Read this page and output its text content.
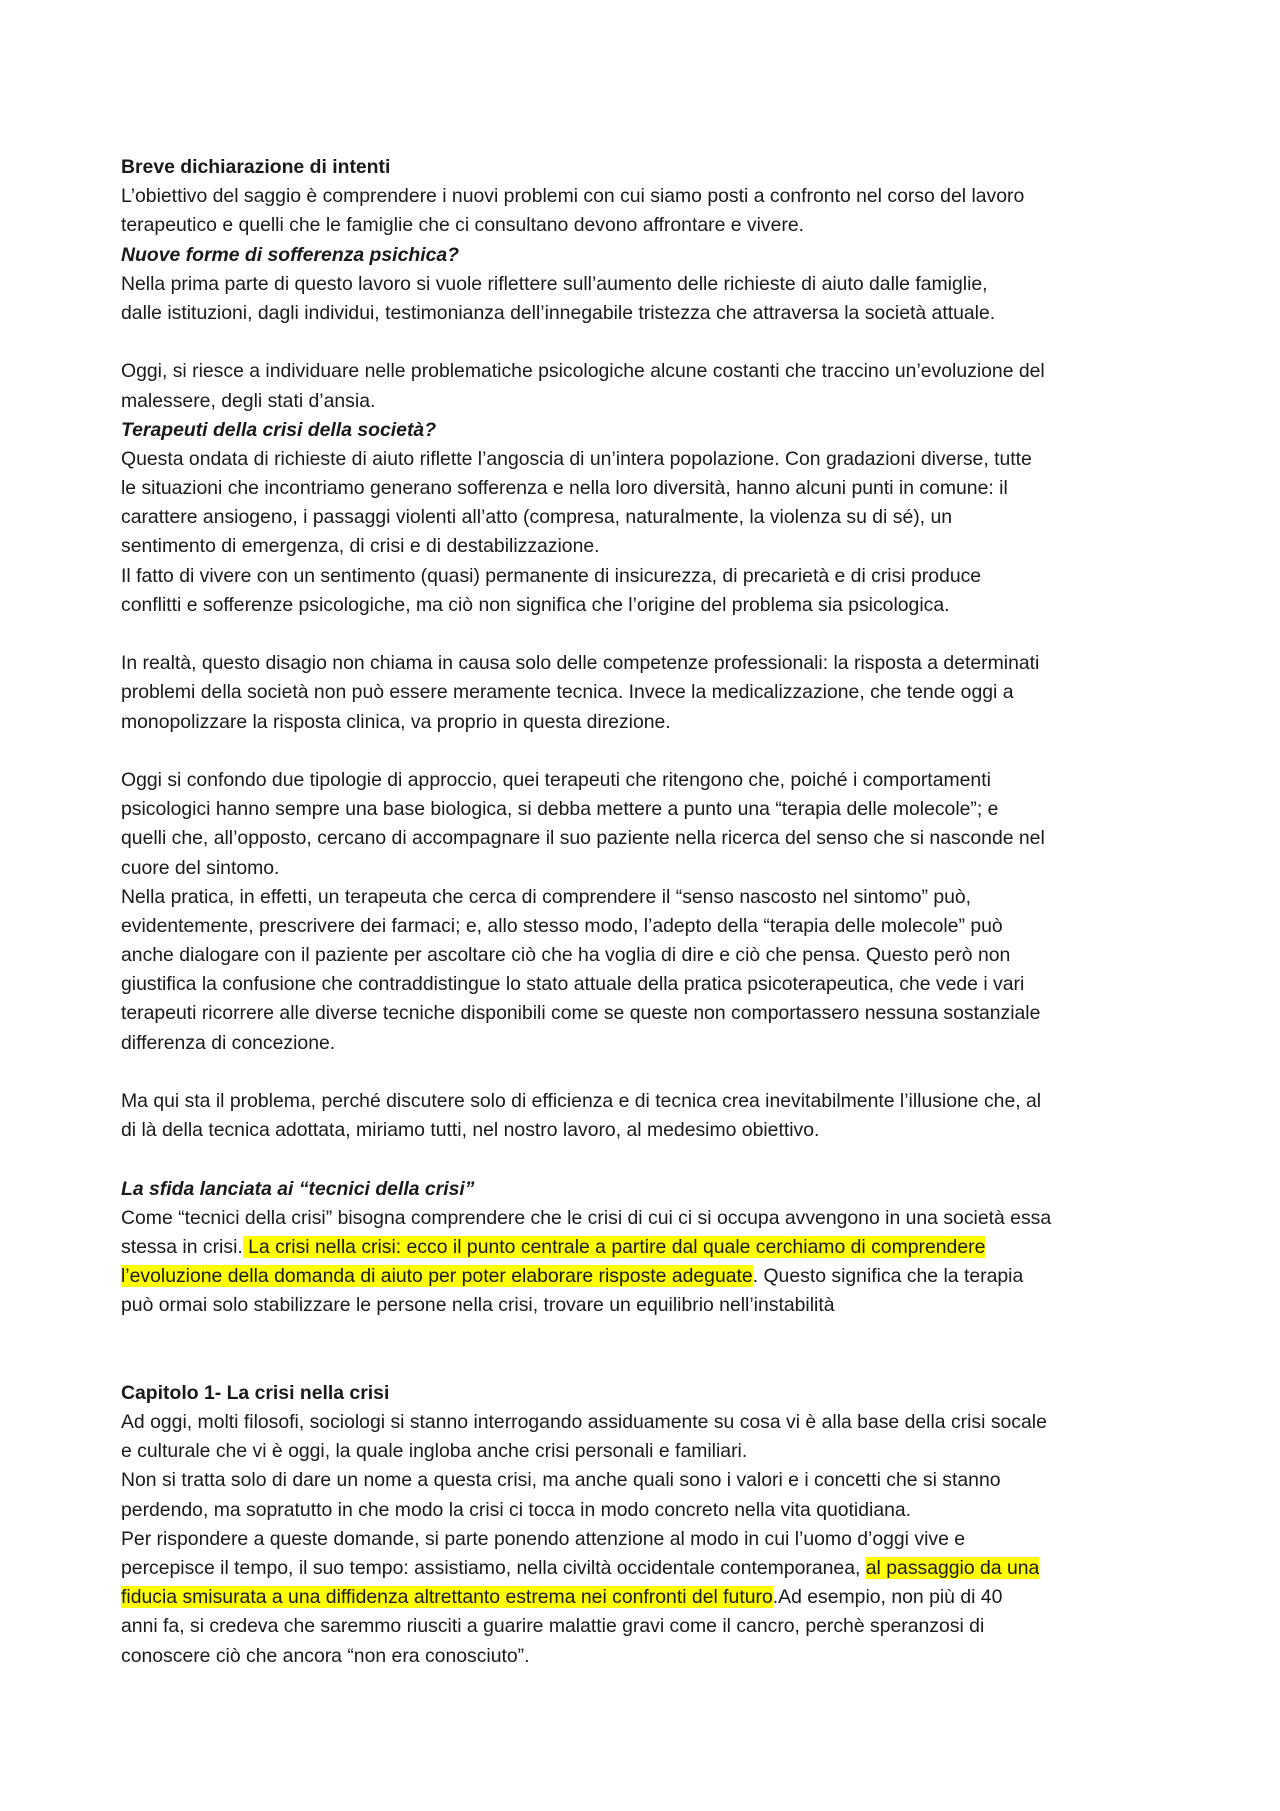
Breve dichiarazione di intenti
L’obiettivo del saggio è comprendere i nuovi problemi con cui siamo posti a confronto nel corso del lavoro
terapeutico e quelli che le famiglie che ci consultano devono affrontare e vivere.
Nuove forme di sofferenza psichica?
Nella prima parte di questo lavoro si vuole riflettere sull’aumento delle richieste di aiuto dalle famiglie,
dalle istituzioni, dagli individui, testimonianza dell’innegabile tristezza che attraversa la società attuale.
Oggi, si riesce a individuare nelle problematiche psicologiche alcune costanti che traccino un’evoluzione del
malessere, degli stati d’ansia.
Terapeuti della crisi della società?
Questa ondata di richieste di aiuto riflette l’angoscia di un’intera popolazione. Con gradazioni diverse, tutte
le situazioni che incontriamo generano sofferenza e nella loro diversità, hanno alcuni punti in comune: il
carattere ansiogeno, i passaggi violenti all’atto (compresa, naturalmente, la violenza su di sé), un
sentimento di emergenza, di crisi e di destabilizzazione.
Il fatto di vivere con un sentimento (quasi) permanente di insicurezza, di precarietà e di crisi produce
conflitti e sofferenze psicologiche, ma ciò non significa che l’origine del problema sia psicologica.
In realtà, questo disagio non chiama in causa solo delle competenze professionali: la risposta a determinati
problemi della società non può essere meramente tecnica. Invece la medicalizzazione, che tende oggi a
monopolizzare la risposta clinica, va proprio in questa direzione.
Oggi si confondo due tipologie di approccio, quei terapeuti che ritengono che, poiché i comportamenti
psicologici hanno sempre una base biologica, si debba mettere a punto una “terapia delle molecole”; e
quelli che, all’opposto, cercano di accompagnare il suo paziente nella ricerca del senso che si nasconde nel
cuore del sintomo.
Nella pratica, in effetti, un terapeuta che cerca di comprendere il “senso nascosto nel sintomo” può,
evidentemente, prescrivere dei farmaci; e, allo stesso modo, l’adepto della “terapia delle molecole” può
anche dialogare con il paziente per ascoltare ciò che ha voglia di dire e ciò che pensa. Questo però non
giustifica la confusione che contraddistingue lo stato attuale della pratica psicoterapeutica, che vede i vari
terapeuti ricorrere alle diverse tecniche disponibili come se queste non comportassero nessuna sostanziale
differenza di concezione.
Ma qui sta il problema, perché discutere solo di efficienza e di tecnica crea inevitabilmente l’illusione che, al
di là della tecnica adottata, miriamo tutti, nel nostro lavoro, al medesimo obiettivo.
La sfida lanciata ai “tecnici della crisi”
Come “tecnici della crisi” bisogna comprendere che le crisi di cui ci si occupa avvengono in una società essa
stessa in crisi. La crisi nella crisi: ecco il punto centrale a partire dal quale cerchiamo di comprendere
l’evoluzione della domanda di aiuto per poter elaborare risposte adeguate. Questo significa che la terapia
può ormai solo stabilizzare le persone nella crisi, trovare un equilibrio nell’instabilità
Capitolo 1- La crisi nella crisi
Ad oggi, molti filosofi, sociologi si stanno interrogando assiduamente su cosa vi è alla base della crisi socale
e culturale che vi è oggi, la quale ingloba anche crisi personali e familiari.
Non si tratta solo di dare un nome a questa crisi, ma anche quali sono i valori e i concetti che si stanno
perdendo, ma sopratutto in che modo la crisi ci tocca in modo concreto nella vita quotidiana.
Per rispondere a queste domande, si parte ponendo attenzione al modo in cui l’uomo d’oggi vive e
percepisce il tempo, il suo tempo: assistiamo, nella civiltà occidentale contemporanea, al passaggio da una
fiducia smisurata a una diffidenza altrettanto estrema nei confronti del futuro.Ad esempio, non più di 40
anni fa, si credeva che saremmo riusciti a guarire malattie gravi come il cancro, perchè speranzosi di
conoscere ciò che ancora “non era conosciuto”.
